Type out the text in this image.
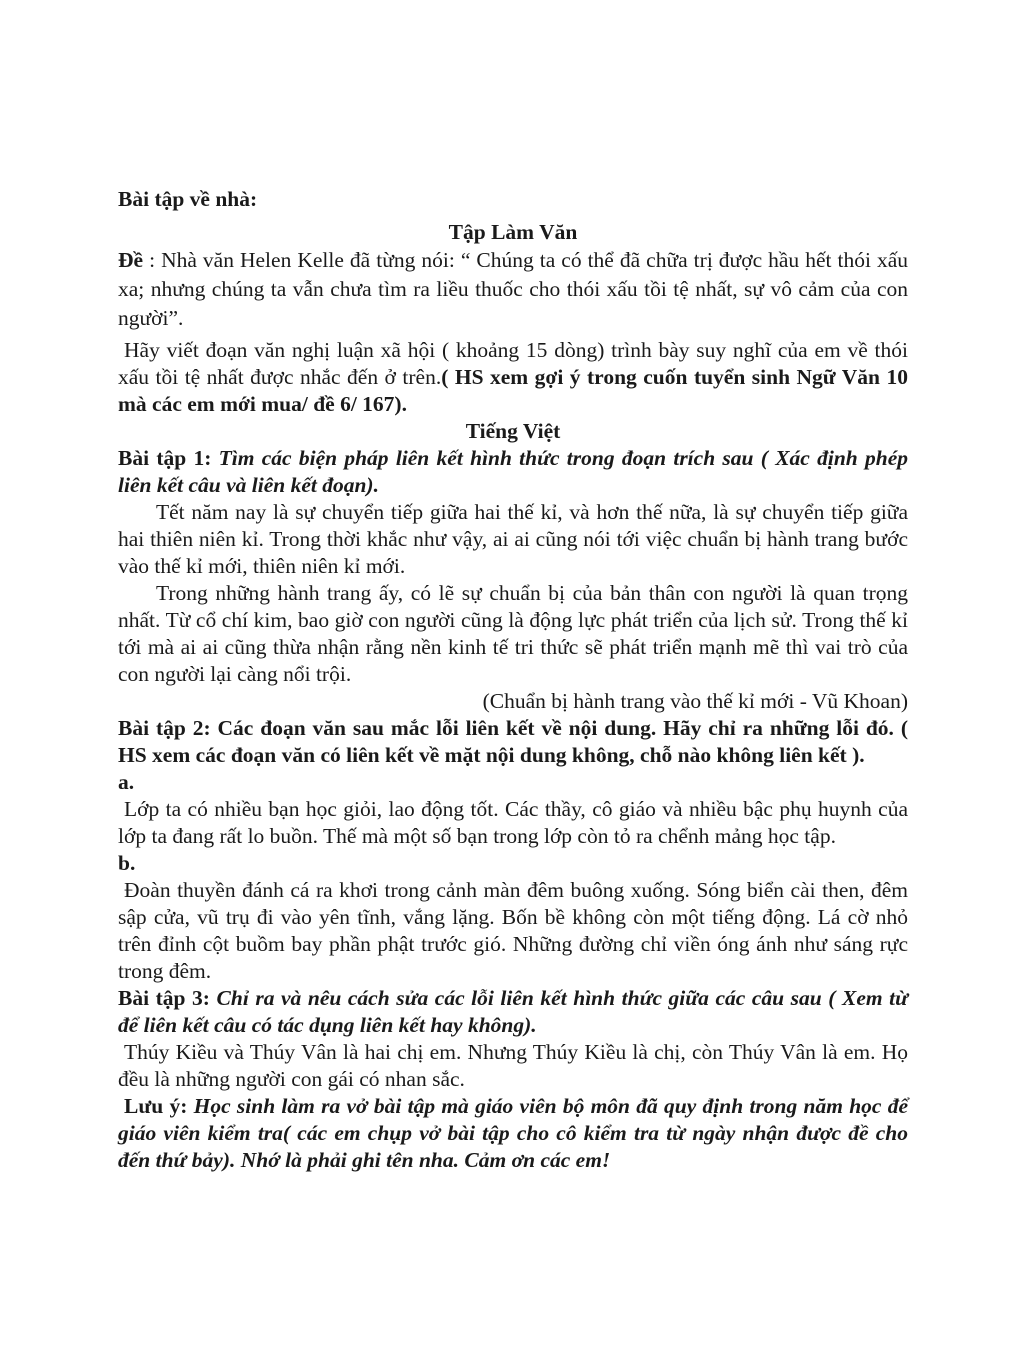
Bài tập về nhà:

Tập Làm Văn

Đề : Nhà văn Helen Kelle đã từng nói: “ Chúng ta có thể đã chữa trị được hầu hết thói xấu xa; nhưng chúng ta vẫn chưa tìm ra liều thuốc cho thói xấu tồi tệ nhất, sự vô cảm của con người”.

Hãy viết đoạn văn nghị luận xã hội ( khoảng 15 dòng) trình bày suy nghĩ của em về thói xấu tồi tệ nhất được nhắc đến ở trên.( HS xem gợi ý trong cuốn tuyển sinh Ngữ Văn 10 mà các em mới mua/ đề 6/ 167).

Tiếng Việt

Bài tập 1: Tìm các biện pháp liên kết hình thức trong đoạn trích sau ( Xác định phép liên kết câu và liên kết đoạn).

Tết năm nay là sự chuyển tiếp giữa hai thế kỉ, và hơn thế nữa, là sự chuyển tiếp giữa hai thiên niên kỉ. Trong thời khắc như vậy, ai ai cũng nói tới việc chuẩn bị hành trang bước vào thế kỉ mới, thiên niên kỉ mới.

Trong những hành trang ấy, có lẽ sự chuẩn bị của bản thân con người là quan trọng nhất. Từ cổ chí kim, bao giờ con người cũng là động lực phát triển của lịch sử. Trong thế kỉ tới mà ai ai cũng thừa nhận rằng nền kinh tế tri thức sẽ phát triển mạnh mẽ thì vai trò của con người lại càng nổi trội.

(Chuẩn bị hành trang vào thế kỉ mới - Vũ Khoan)

Bài tập 2: Các đoạn văn sau mắc lỗi liên kết về nội dung. Hãy chỉ ra những lỗi đó. ( HS xem các đoạn văn có liên kết về mặt nội dung không, chỗ nào không liên kết ).

a.

Lớp ta có nhiều bạn học giỏi, lao động tốt. Các thầy, cô giáo và nhiều bậc phụ huynh của lớp ta đang rất lo buồn. Thế mà một số bạn trong lớp còn tỏ ra chểnh mảng học tập.

b.

Đoàn thuyền đánh cá ra khơi trong cảnh màn đêm buông xuống. Sóng biển cài then, đêm sập cửa, vũ trụ đi vào yên tĩnh, vắng lặng. Bốn bề không còn một tiếng động. Lá cờ nhỏ trên đỉnh cột buồm bay phần phật trước gió. Những đường chỉ viền óng ánh như sáng rực trong đêm.

Bài tập 3: Chỉ ra và nêu cách sửa các lỗi liên kết hình thức giữa các câu sau ( Xem từ để liên kết câu có tác dụng liên kết hay không).

Thúy Kiều và Thúy Vân là hai chị em. Nhưng Thúy Kiều là chị, còn Thúy Vân là em. Họ đều là những người con gái có nhan sắc.

Lưu ý: Học sinh làm ra vở bài tập mà giáo viên bộ môn đã quy định trong năm học để giáo viên kiểm tra( các em chụp vở bài tập cho cô kiểm tra từ ngày nhận được đề cho đến thứ bảy). Nhớ là phải ghi tên nha. Cảm ơn các em!
